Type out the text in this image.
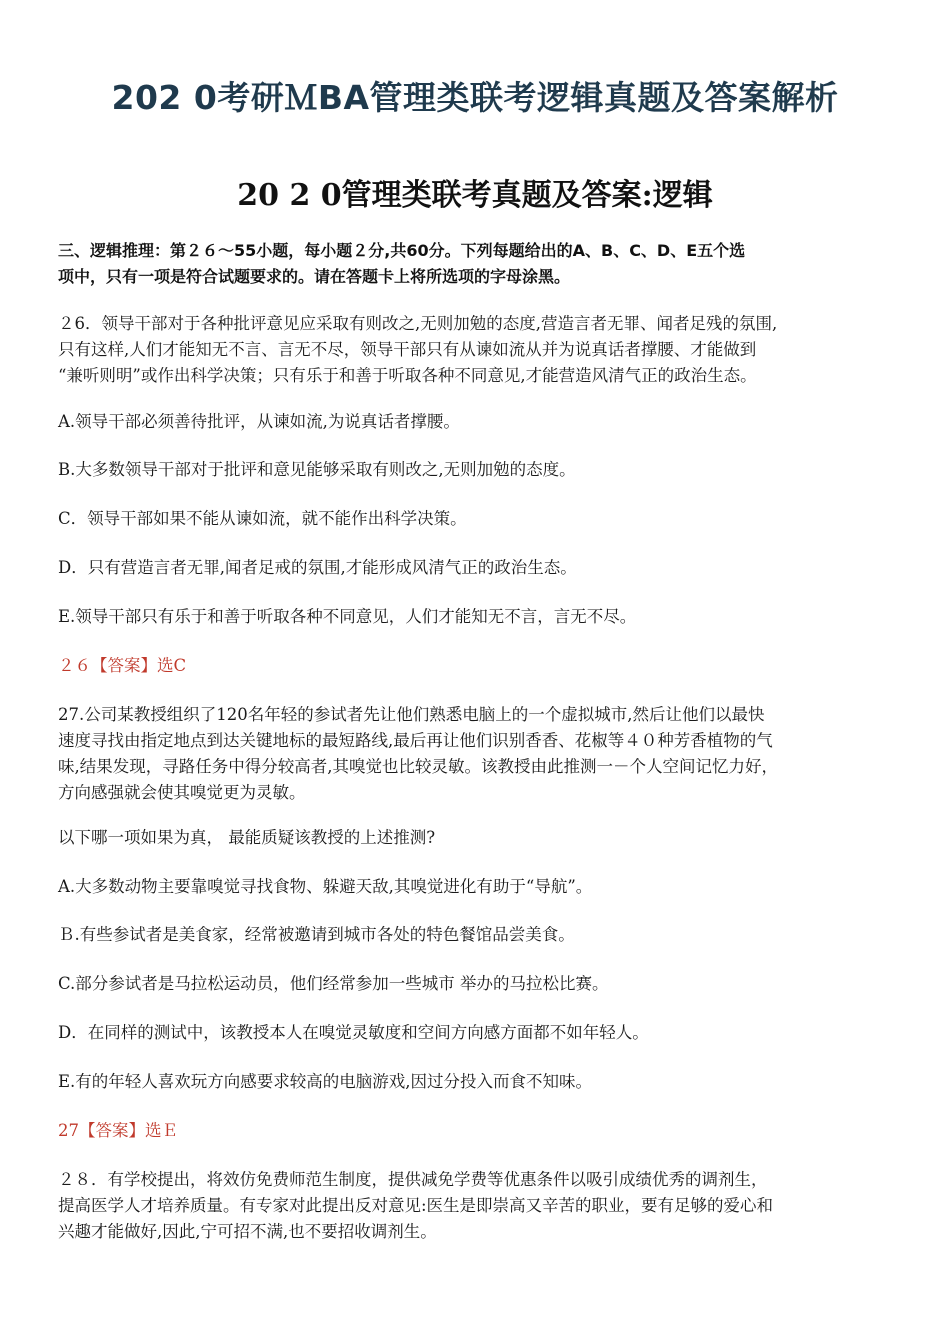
202 0考研ＭBA管理类联考逻辑真题及答案解析
20 2 0管理类联考真题及答案:逻辑
三、逻辑推理：第２６～55小题，每小题２分,共60分。下列每题给出的A、B、C、D、E五个选
项中，只有一项是符合试题要求的。请在答题卡上将所选项的字母涂黑。
２6．领导干部对于各种批评意见应采取有则改之,无则加勉的态度,营造言者无罪、闻者足残的氛围,
只有这样,人们才能知无不言、言无不尽，领导干部只有从谏如流从并为说真话者撑腰、才能做到
“兼听则明”或作出科学决策；只有乐于和善于听取各种不同意见,才能营造风清气正的政治生态。
A.领导干部必须善待批评，从谏如流,为说真话者撑腰。
B.大多数领导干部对于批评和意见能够采取有则改之,无则加勉的态度。
C．领导干部如果不能从谏如流，就不能作出科学决策。
D．只有营造言者无罪,闻者足戒的氛围,才能形成风清气正的政治生态。
E.领导干部只有乐于和善于听取各种不同意见，人们才能知无不言，言无不尽。
２６【答案】选C
27.公司某教授组织了120名年轻的参试者先让他们熟悉电脑上的一个虚拟城市,然后让他们以最快
速度寻找由指定地点到达关键地标的最短路线,最后再让他们识别香香、花椒等４０种芳香植物的气
味,结果发现，寻路任务中得分较高者,其嗅觉也比较灵敏。该教授由此推测一－个人空间记忆力好，
方向感强就会使其嗅觉更为灵敏。
以下哪一项如果为真， 最能质疑该教授的上述推测?
A.大多数动物主要靠嗅觉寻找食物、躲避天敌,其嗅觉进化有助于“导航”。
Ｂ.有些参试者是美食家，经常被邀请到城市各处的特色餐馆品尝美食。
C.部分参试者是马拉松运动员，他们经常参加一些城市 举办的马拉松比赛。
D．在同样的测试中，该教授本人在嗅觉灵敏度和空间方向感方面都不如年轻人。
E.有的年轻人喜欢玩方向感要求较高的电脑游戏,因过分投入而食不知味。
27【答案】选Ｅ
２８．有学校提出，将效仿免费师范生制度，提供减免学费等优惠条件以吸引成绩优秀的调剂生，
提高医学人才培养质量。有专家对此提出反对意见:医生是即崇高又辛苦的职业，要有足够的爱心和
兴趣才能做好,因此,宁可招不满,也不要招收调剂生。
